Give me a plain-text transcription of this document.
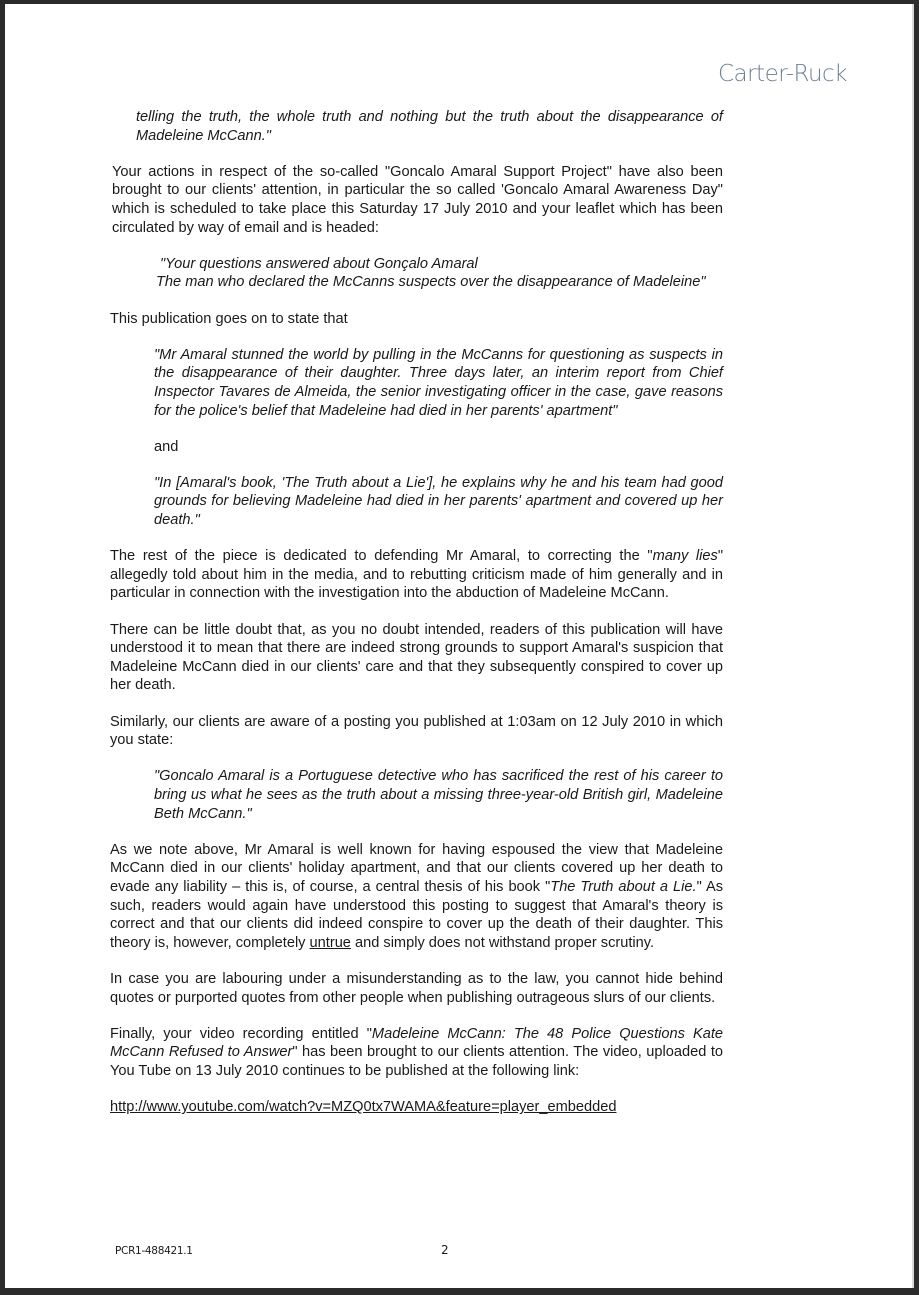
Carter-Ruck

telling the truth, the whole truth and nothing but the truth about the disappearance of Madeleine McCann."

Your actions in respect of the so-called "Goncalo Amaral Support Project" have also been brought to our clients' attention, in particular the so called 'Goncalo Amaral Awareness Day" which is scheduled to take place this Saturday 17 July 2010 and your leaflet which has been circulated by way of email and is headed:

"Your questions answered about Gonçalo Amaral
The man who declared the McCanns suspects over the disappearance of Madeleine"

This publication goes on to state that

"Mr Amaral stunned the world by pulling in the McCanns for questioning as suspects in the disappearance of their daughter. Three days later, an interim report from Chief Inspector Tavares de Almeida, the senior investigating officer in the case, gave reasons for the police's belief that Madeleine had died in her parents' apartment"

and

"In [Amaral's book, 'The Truth about a Lie'], he explains why he and his team had good grounds for believing Madeleine had died in her parents' apartment and covered up her death."

The rest of the piece is dedicated to defending Mr Amaral, to correcting the "many lies" allegedly told about him in the media, and to rebutting criticism made of him generally and in particular in connection with the investigation into the abduction of Madeleine McCann.

There can be little doubt that, as you no doubt intended, readers of this publication will have understood it to mean that there are indeed strong grounds to support Amaral's suspicion that Madeleine McCann died in our clients' care and that they subsequently conspired to cover up her death.

Similarly, our clients are aware of a posting you published at 1:03am on 12 July 2010 in which you state:

"Goncalo Amaral is a Portuguese detective who has sacrificed the rest of his career to bring us what he sees as the truth about a missing three-year-old British girl, Madeleine Beth McCann."

As we note above, Mr Amaral is well known for having espoused the view that Madeleine McCann died in our clients' holiday apartment, and that our clients covered up her death to evade any liability – this is, of course, a central thesis of his book "The Truth about a Lie." As such, readers would again have understood this posting to suggest that Amaral's theory is correct and that our clients did indeed conspire to cover up the death of their daughter. This theory is, however, completely untrue and simply does not withstand proper scrutiny.

In case you are labouring under a misunderstanding as to the law, you cannot hide behind quotes or purported quotes from other people when publishing outrageous slurs of our clients.

Finally, your video recording entitled "Madeleine McCann: The 48 Police Questions Kate McCann Refused to Answer" has been brought to our clients attention. The video, uploaded to You Tube on 13 July 2010 continues to be published at the following link:

http://www.youtube.com/watch?v=MZQ0tx7WAMA&feature=player_embedded

PCR1-488421.1	2
